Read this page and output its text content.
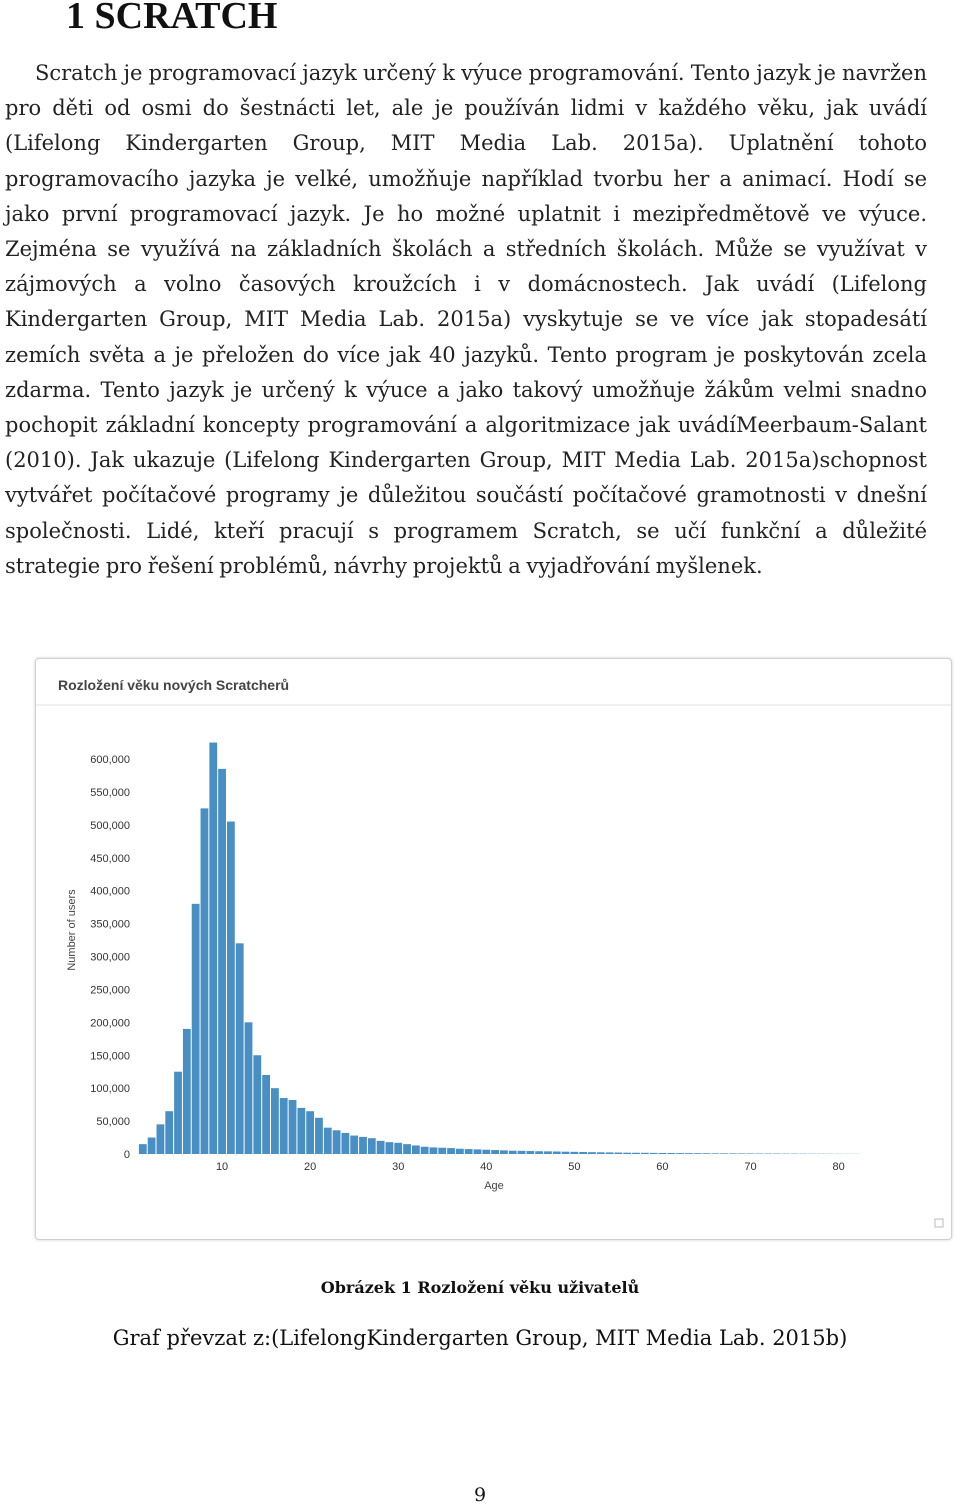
1 SCRATCH

Scratch je programovací jazyk určený k výuce programování. Tento jazyk je navržen pro děti od osmi do šestnácti let, ale je používán lidmi v každého věku, jak uvádí (Lifelong Kindergarten Group, MIT Media Lab. 2015a). Uplatnění tohoto programovacího jazyka je velké, umožňuje například tvorbu her a animací. Hodí se jako první programovací jazyk. Je ho možné uplatnit i mezipředmětově ve výuce. Zejména se využívá na základních školách a středních školách. Může se využívat v zájmových a volno časových kroužcích i v domácnostech. Jak uvádí (Lifelong Kindergarten Group, MIT Media Lab. 2015a) vyskytuje se ve více jak stopadesátí zemích světa a je přeložen do více jak 40 jazyků. Tento program je poskytován zcela zdarma. Tento jazyk je určený k výuce a jako takový umožňuje žákům velmi snadno pochopit základní koncepty programování a algoritmizace jak uvádíMeerbaum-Salant (2010). Jak ukazuje (Lifelong Kindergarten Group, MIT Media Lab. 2015a)schopnost vytvářet počítačové programy je důležitou součástí počítačové gramotnosti v dnešní společnosti. Lidé, kteří pracují s programem Scratch, se učí funkční a důležité strategie pro řešení problémů, návrhy projektů a vyjadřování myšlenek.

Rozložení věku nových Scratcherů
0
50,000
100,000
150,000
200,000
250,000
300,000
350,000
400,000
450,000
500,000
550,000
600,000
10	20	30	40	50	60	70	80
Number of users
Age

Obrázek 1 Rozložení věku uživatelů

Graf převzat z:(LifelongKindergarten Group, MIT Media Lab. 2015b)

9
